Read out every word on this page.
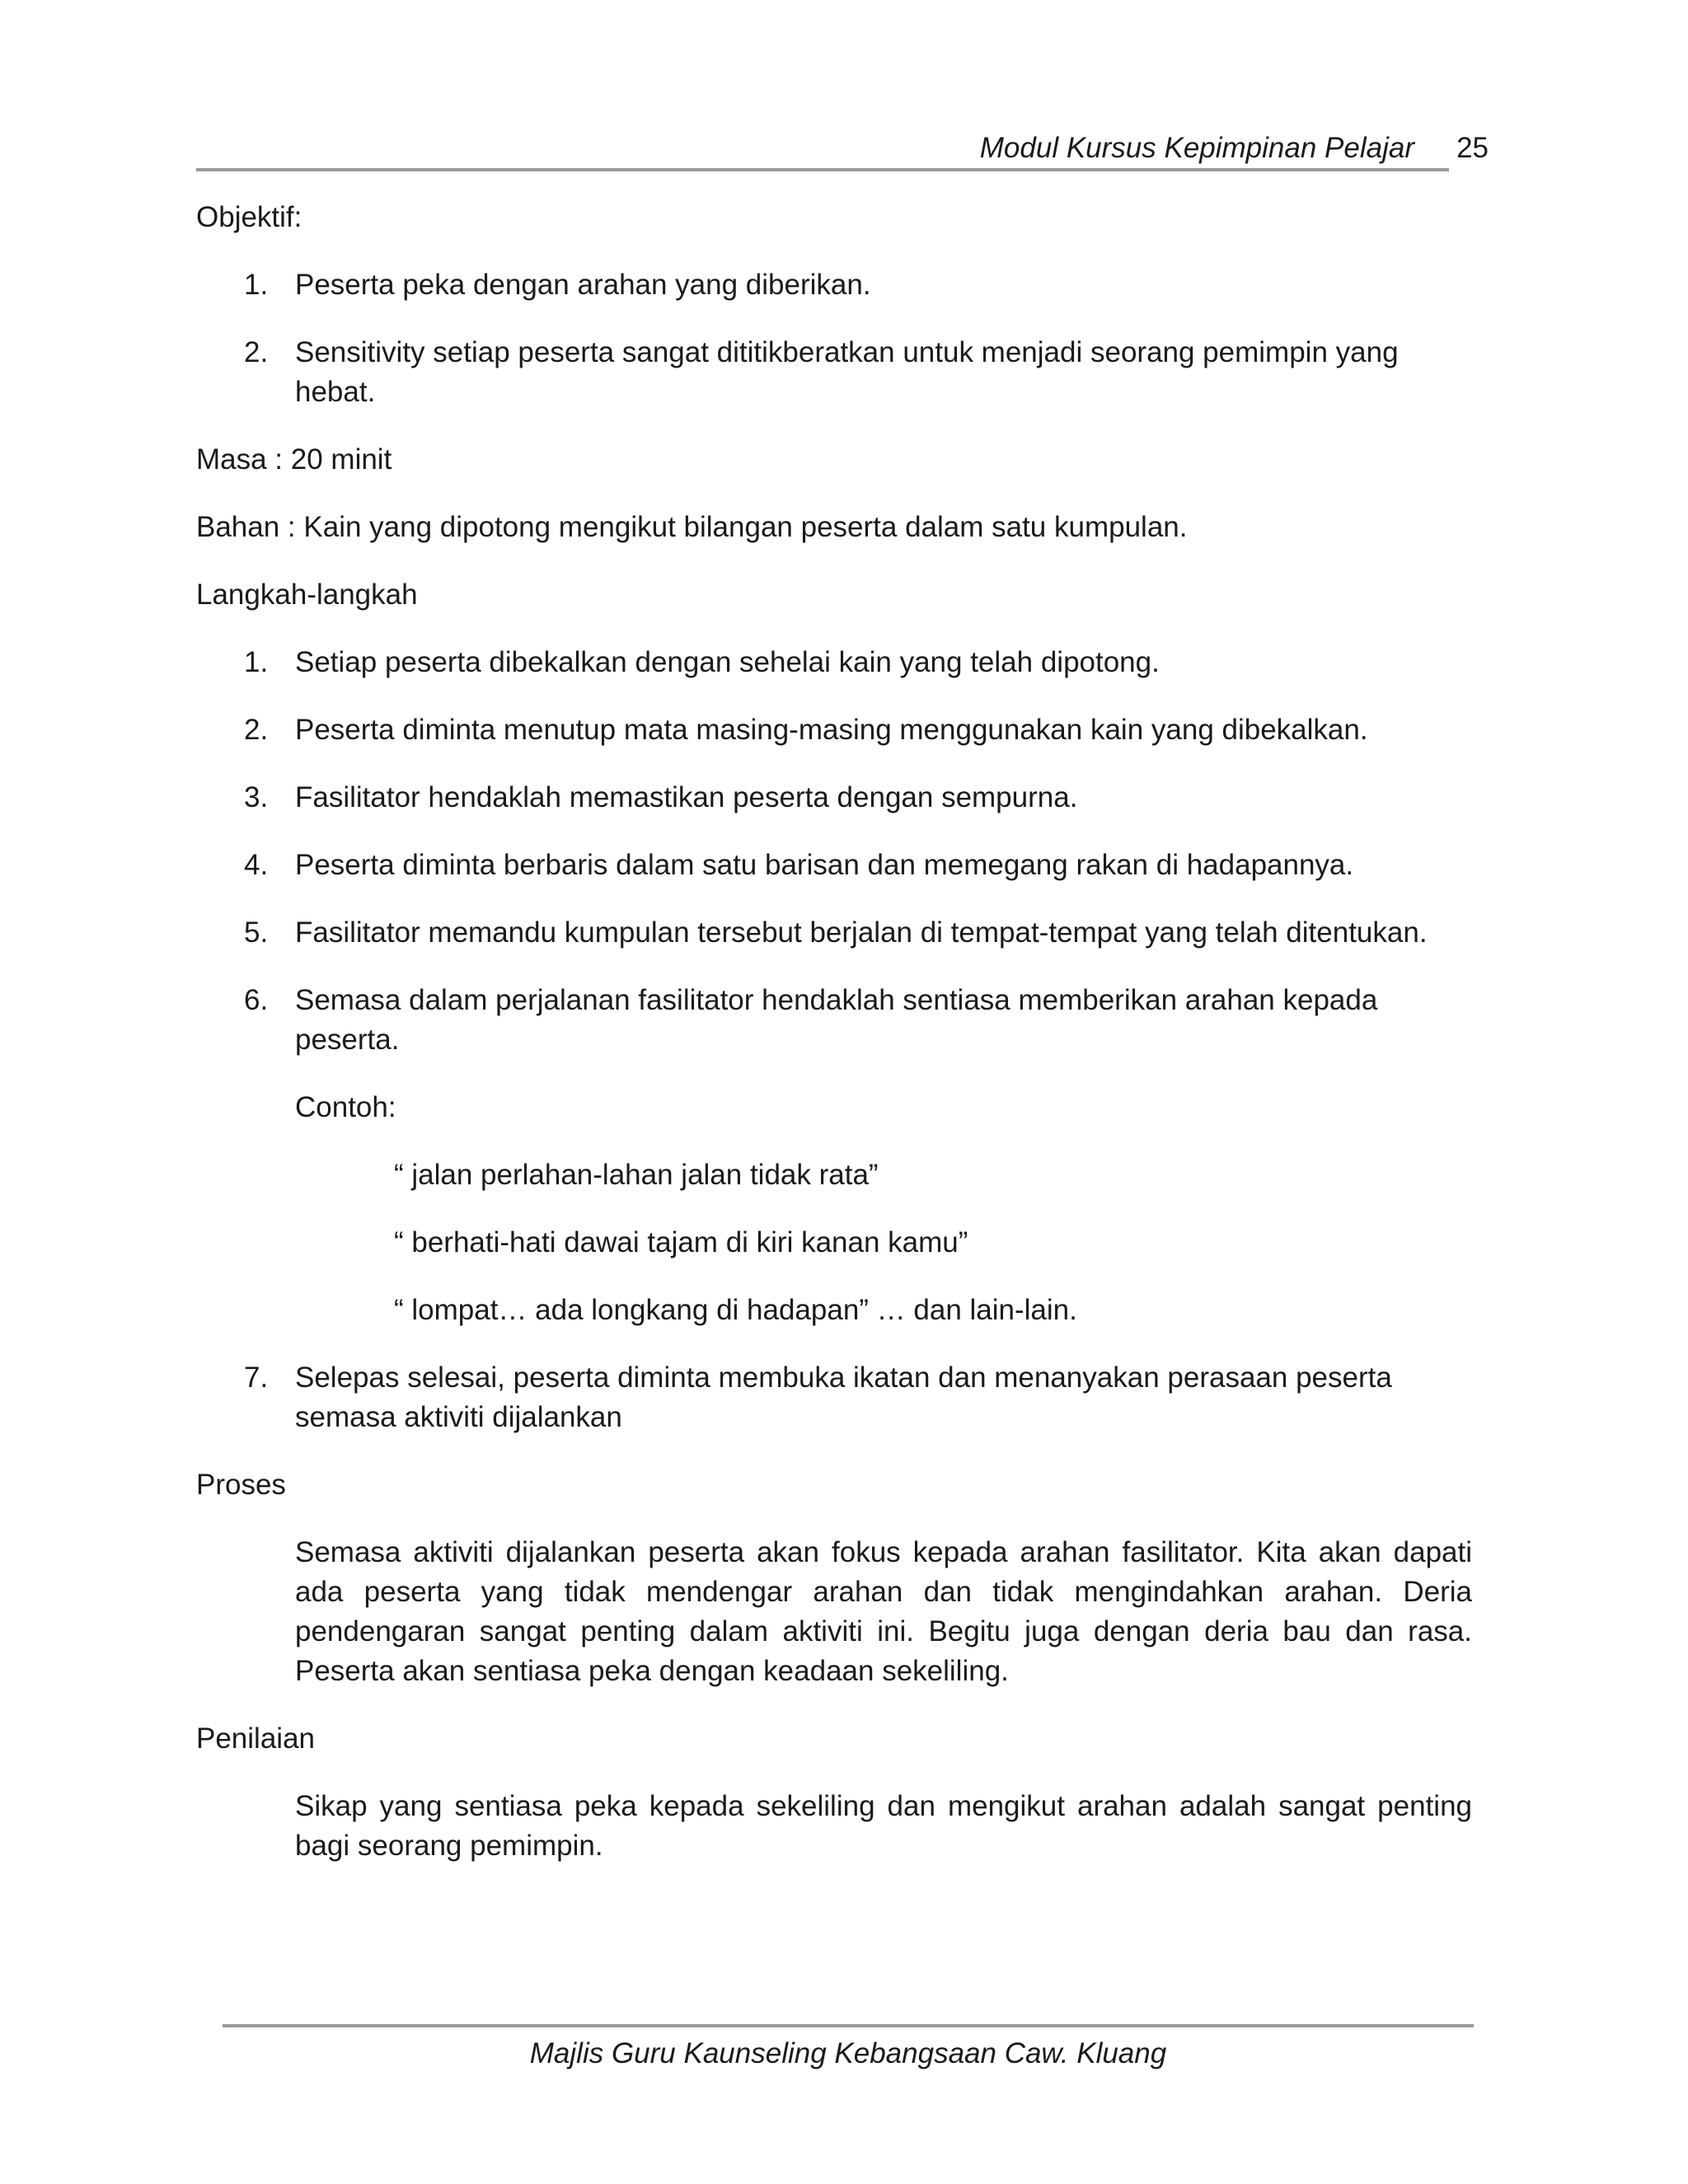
Modul Kursus Kepimpinan Pelajar 25
Objektif:
1. Peserta peka dengan arahan yang diberikan.
2. Sensitivity setiap peserta sangat dititikberatkan untuk menjadi seorang pemimpin yang hebat.
Masa : 20 minit
Bahan : Kain yang dipotong mengikut bilangan peserta dalam satu kumpulan.
Langkah-langkah
1. Setiap peserta dibekalkan dengan sehelai kain yang telah dipotong.
2. Peserta diminta menutup mata masing-masing menggunakan kain yang dibekalkan.
3. Fasilitator hendaklah memastikan peserta dengan sempurna.
4. Peserta diminta berbaris dalam satu barisan dan memegang rakan di hadapannya.
5. Fasilitator memandu kumpulan tersebut berjalan di tempat-tempat yang telah ditentukan.
6. Semasa dalam perjalanan fasilitator hendaklah sentiasa memberikan arahan kepada peserta.
Contoh:
“ jalan perlahan-lahan jalan tidak rata”
“ berhati-hati dawai tajam di kiri kanan kamu”
“ lompat… ada longkang di hadapan” … dan lain-lain.
7. Selepas selesai, peserta diminta membuka ikatan dan menanyakan perasaan peserta semasa aktiviti dijalankan
Proses
Semasa aktiviti dijalankan peserta akan fokus kepada arahan fasilitator. Kita akan dapati ada peserta yang tidak mendengar arahan dan tidak mengindahkan arahan. Deria pendengaran sangat penting dalam aktiviti ini. Begitu juga dengan deria bau dan rasa. Peserta akan sentiasa peka dengan keadaan sekeliling.
Penilaian
Sikap yang sentiasa peka kepada sekeliling dan mengikut arahan adalah sangat penting bagi seorang pemimpin.
Majlis Guru Kaunseling Kebangsaan Caw. Kluang
